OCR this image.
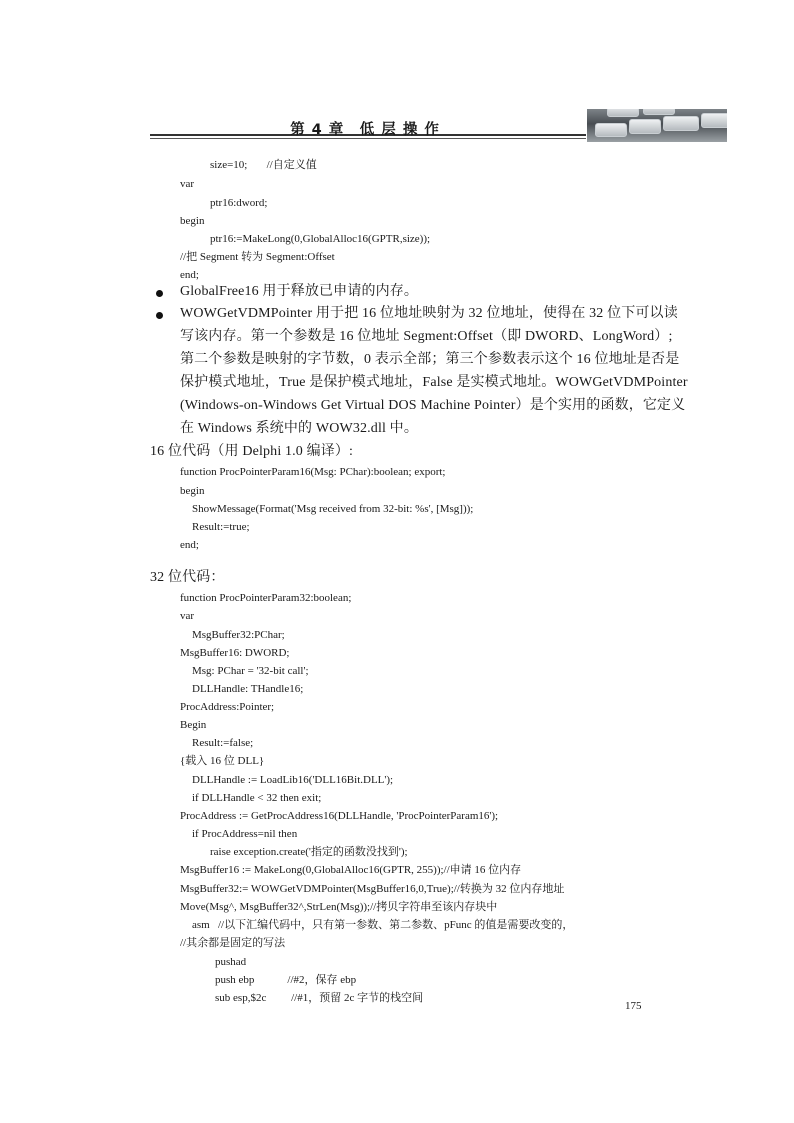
第 4 章　低 层 操 作
size=10;       //自定义值
var
ptr16:dword;
begin
ptr16:=MakeLong(0,GlobalAlloc16(GPTR,size));
//把 Segment 转为 Segment:Offset
end;
GlobalFree16 用于释放已申请的内存。
WOWGetVDMPointer 用于把 16 位地址映射为 32 位地址，使得在 32 位下可以读
写该内存。第一个参数是 16 位地址 Segment:Offset（即 DWORD、LongWord）;
第二个参数是映射的字节数，0 表示全部；第三个参数表示这个 16 位地址是否是
保护模式地址，True 是保护模式地址，False 是实模式地址。WOWGetVDMPointer
(Windows-on-Windows Get Virtual DOS Machine Pointer）是个实用的函数，它定义
在 Windows 系统中的 WOW32.dll 中。
16 位代码（用 Delphi 1.0 编译）:
function ProcPointerParam16(Msg: PChar):boolean; export;
begin
ShowMessage(Format('Msg received from 32-bit: %s', [Msg]));
Result:=true;
end;
32 位代码：
function ProcPointerParam32:boolean;
var
MsgBuffer32:PChar;
MsgBuffer16: DWORD;
Msg: PChar = '32-bit call';
DLLHandle: THandle16;
ProcAddress:Pointer;
Begin
Result:=false;
{载入 16 位 DLL}
DLLHandle := LoadLib16('DLL16Bit.DLL');
if DLLHandle < 32 then exit;
ProcAddress := GetProcAddress16(DLLHandle, 'ProcPointerParam16');
if ProcAddress=nil then
raise exception.create('指定的函数没找到');
MsgBuffer16 := MakeLong(0,GlobalAlloc16(GPTR, 255));//申请 16 位内存
MsgBuffer32:= WOWGetVDMPointer(MsgBuffer16,0,True);//转换为 32 位内存地址
Move(Msg^, MsgBuffer32^,StrLen(Msg));//拷贝字符串至该内存块中
asm   //以下汇编代码中，只有第一参数、第二参数、pFunc 的值是需要改变的，
//其余都是固定的写法
pushad
push ebp            //#2，保存 ebp
sub esp,$2c         //#1，预留 2c 字节的栈空间
175
